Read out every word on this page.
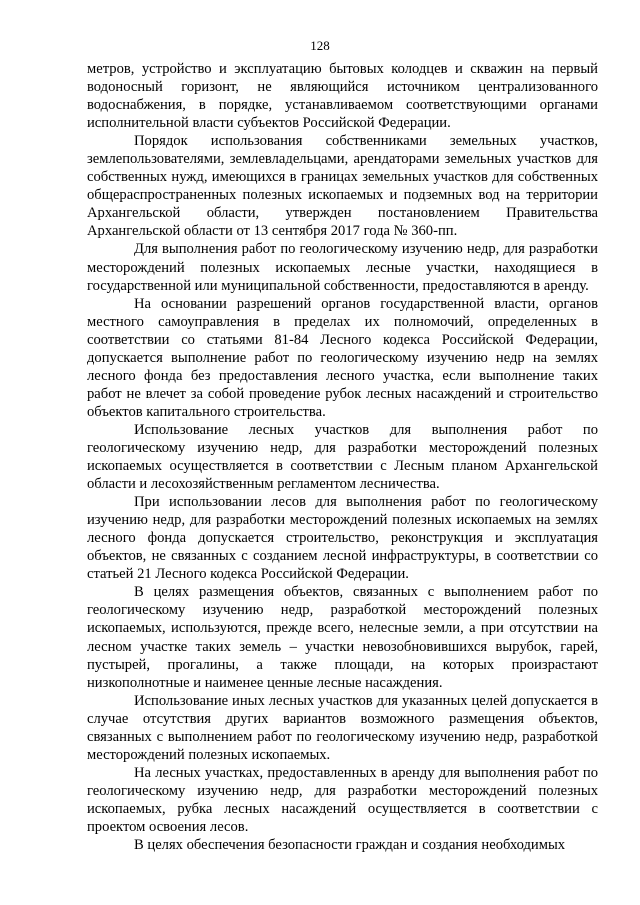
128

метров, устройство и эксплуатацию бытовых колодцев и скважин на первый водоносный горизонт, не являющийся источником централизованного водоснабжения, в порядке, устанавливаемом соответствующими органами исполнительной власти субъектов Российской Федерации.

Порядок использования собственниками земельных участков, землепользователями, землевладельцами, арендаторами земельных участков для собственных нужд, имеющихся в границах земельных участков для собственных общераспространенных полезных ископаемых и подземных вод на территории Архангельской области, утвержден постановлением Правительства Архангельской области от 13 сентября 2017 года № 360-пп.

Для выполнения работ по геологическому изучению недр, для разработки месторождений полезных ископаемых лесные участки, находящиеся в государственной или муниципальной собственности, предоставляются в аренду.

На основании разрешений органов государственной власти, органов местного самоуправления в пределах их полномочий, определенных в соответствии со статьями 81-84 Лесного кодекса Российской Федерации, допускается выполнение работ по геологическому изучению недр на землях лесного фонда без предоставления лесного участка, если выполнение таких работ не влечет за собой проведение рубок лесных насаждений и строительство объектов капитального строительства.

Использование лесных участков для выполнения работ по геологическому изучению недр, для разработки месторождений полезных ископаемых осуществляется в соответствии с Лесным планом Архангельской области и лесохозяйственным регламентом лесничества.

При использовании лесов для выполнения работ по геологическому изучению недр, для разработки месторождений полезных ископаемых на землях лесного фонда допускается строительство, реконструкция и эксплуатация объектов, не связанных с созданием лесной инфраструктуры, в соответствии со статьей 21 Лесного кодекса Российской Федерации.

В целях размещения объектов, связанных с выполнением работ по геологическому изучению недр, разработкой месторождений полезных ископаемых, используются, прежде всего, нелесные земли, а при отсутствии на лесном участке таких земель – участки невозобновившихся вырубок, гарей, пустырей, прогалины, а также площади, на которых произрастают низкополнотные и наименее ценные лесные насаждения.

Использование иных лесных участков для указанных целей допускается в случае отсутствия других вариантов возможного размещения объектов, связанных с выполнением работ по геологическому изучению недр, разработкой месторождений полезных ископаемых.

На лесных участках, предоставленных в аренду для выполнения работ по геологическому изучению недр, для разработки месторождений полезных ископаемых, рубка лесных насаждений осуществляется в соответствии с проектом освоения лесов.

В целях обеспечения безопасности граждан и создания необходимых
